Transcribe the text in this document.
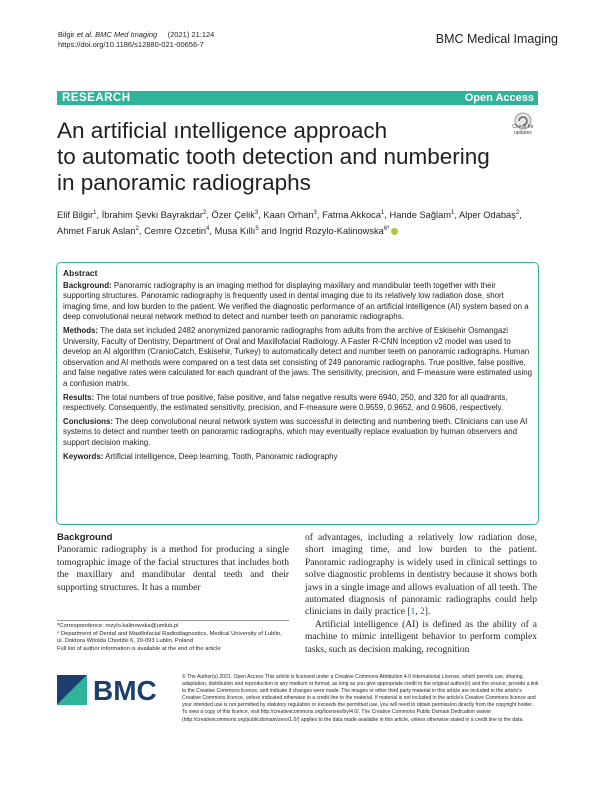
Bilgir et al. BMC Med Imaging (2021) 21:124
https://doi.org/10.1186/s12880-021-00656-7	BMC Medical Imaging
RESEARCH	Open Access
Check for updates
An artificial ıntelligence approach
to automatic tooth detection and numbering
in panoramic radiographs
Elif Bilgir$^1$, İbrahim Şevki Bayrakdar$^2$, Özer Çelik$^3$, Kaan Orhan$^3$, Fatma Akkoca$^1$, Hande Sağlam$^1$, Alper Odabaş$^2$,
Ahmet Faruk Aslan$^2$, Cemre Ozcetin$^4$, Musa Kıllı$^5$ and Ingrid Rozylo-Kalinowska$^{6*}$
Abstract

Background: Panoramic radiography is an imaging method for displaying maxillary and mandibular teeth together with their supporting structures. Panoramic radiography is frequently used in dental imaging due to its relatively low radiation dose, short imaging time, and low burden to the patient. We verified the diagnostic performance of an artificial intelligence (AI) system based on a deep convolutional neural network method to detect and number teeth on panoramic radiographs.

Methods: The data set included 2482 anonymized panoramic radiographs from adults from the archive of Eskisehir Osmangazi University, Faculty of Dentistry, Department of Oral and Maxillofacial Radiology. A Faster R-CNN Inception v2 model was used to develop an AI algorithm (CranioCatch, Eskisehir, Turkey) to automatically detect and number teeth on panoramic radiographs. Human observation and AI methods were compared on a test data set consisting of 249 panoramic radiographs. True positive, false positive, and false negative rates were calculated for each quadrant of the jaws. The sensitivity, precision, and F-measure were estimated using a confusion matrix.

Results: The total numbers of true positive, false positive, and false negative results were 6940, 250, and 320 for all quadrants, respectively. Consequently, the estimated sensitivity, precision, and F-measure were 0.9559, 0.9652, and 0.9606, respectively.

Conclusions: The deep convolutional neural network system was successful in detecting and numbering teeth. Clinicians can use AI systems to detect and number teeth on panoramic radiographs, which may eventually replace evaluation by human observers and support decision making.

Keywords: Artificial intelligence, Deep learning, Tooth, Panoramic radiography

Background

Panoramic radiography is a method for producing a single tomographic image of the facial structures that includes both the maxillary and mandibular dental teeth and their supporting structures. It has a number

of advantages, including a relatively low radiation dose, short imaging time, and low burden to the patient. Panoramic radiography is widely used in clinical settings to solve diagnostic problems in dentistry because it shows both jaws in a single image and allows evaluation of all teeth. The automated diagnosis of panoramic radiographs could help clinicians in daily practice [1, 2].

Artificial intelligence (AI) is defined as the ability of a machine to mimic intelligent behavior to perform complex tasks, such as decision making, recognition

*Correspondence: rozylo.kalinowska@umlub.pl
⁶ Department of Dental and Maxillofacial Radiodiagnostics, Medical University of Lublin, ul. Doktora Witolda Chodźki 6, 20-093 Lublin, Poland
Full list of author information is available at the end of the article
BMC	© The Author(s) 2021. Open Access This article is licensed under a Creative Commons Attribution 4.0 International License, which permits use, sharing, adaptation, distribution and reproduction in any medium or format, as long as you give appropriate credit to the original author(s) and the source, provide a link to the Creative Commons licence, and indicate if changes were made. The images or other third party material in this article are included in the article's Creative Commons licence, unless indicated otherwise in a credit line to the material. If material is not included in the article's Creative Commons licence and your intended use is not permitted by statutory regulation or exceeds the permitted use, you will need to obtain permission directly from the copyright holder. To view a copy of this licence, visit http://creativecommons.org/licenses/by/4.0/. The Creative Commons Public Domain Dedication waiver (http://creativecommons.org/publicdomain/zero/1.0/) applies to the data made available in this article, unless otherwise stated in a credit line to the data.
